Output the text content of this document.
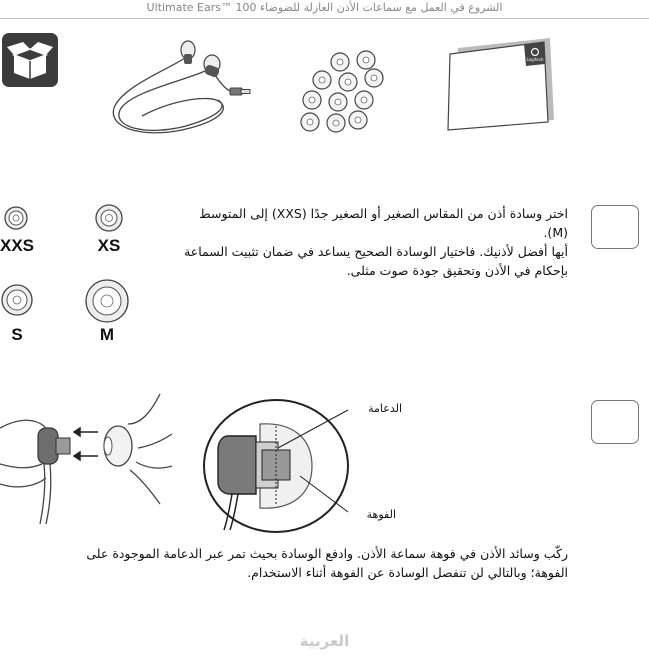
Ultimate Ears™ 100 الشروع في العمل مع سماعات الأذن العازلة للضوضاء
Logitech
اختر وسادة أذن من المقاس الصغير أو الصغير جدًا (XXS) إلى المتوسط (M).
أيها أفضل لأذنيك. فاختيار الوسادة الصحيح يساعد في ضمان تثبيت السماعة
بإحكام في الأذن وتحقيق جودة صوت مثلى.
XXS	XS
S	M
الدعامة
الفوهة
ركّب وسائد الأذن في فوهة سماعة الأذن. وادفع الوسادة بحيث تمر عبر الدعامة الموجودة على
الفوهة؛ وبالتالي لن تنفصل الوسادة عن الفوهة أثناء الاستخدام.
العربية
